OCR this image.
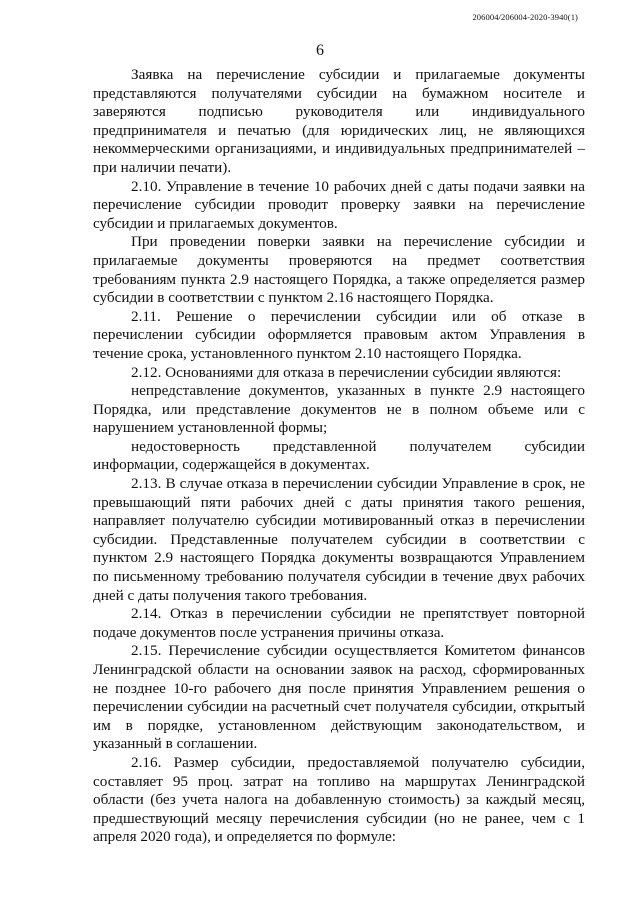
206004/206004-2020-3940(1)
6

Заявка на перечисление субсидии и прилагаемые документы представляются получателями субсидии на бумажном носителе и заверяются подписью руководителя или индивидуального предпринимателя и печатью (для юридических лиц, не являющихся некоммерческими организациями, и индивидуальных предпринимателей – при наличии печати).

2.10. Управление в течение 10 рабочих дней с даты подачи заявки на перечисление субсидии проводит проверку заявки на перечисление субсидии и прилагаемых документов.

При проведении поверки заявки на перечисление субсидии и прилагаемые документы проверяются на предмет соответствия требованиям пункта 2.9 настоящего Порядка, а также определяется размер субсидии в соответствии с пунктом 2.16 настоящего Порядка.

2.11. Решение о перечислении субсидии или об отказе в перечислении субсидии оформляется правовым актом Управления в течение срока, установленного пунктом 2.10 настоящего Порядка.

2.12. Основаниями для отказа в перечислении субсидии являются:

непредставление документов, указанных в пункте 2.9 настоящего Порядка, или представление документов не в полном объеме или с нарушением установленной формы;

недостоверность представленной получателем субсидии информации, содержащейся в документах.

2.13. В случае отказа в перечислении субсидии Управление в срок, не превышающий пяти рабочих дней с даты принятия такого решения, направляет получателю субсидии мотивированный отказ в перечислении субсидии. Представленные получателем субсидии в соответствии с пунктом 2.9 настоящего Порядка документы возвращаются Управлением по письменному требованию получателя субсидии в течение двух рабочих дней с даты получения такого требования.

2.14. Отказ в перечислении субсидии не препятствует повторной подаче документов после устранения причины отказа.

2.15. Перечисление субсидии осуществляется Комитетом финансов Ленинградской области на основании заявок на расход, сформированных не позднее 10-го рабочего дня после принятия Управлением решения о перечислении субсидии на расчетный счет получателя субсидии, открытый им в порядке, установленном действующим законодательством, и указанный в соглашении.

2.16. Размер субсидии, предоставляемой получателю субсидии, составляет 95 проц. затрат на топливо на маршрутах Ленинградской области (без учета налога на добавленную стоимость) за каждый месяц, предшествующий месяцу перечисления субсидии (но не ранее, чем с 1 апреля 2020 года), и определяется по формуле:
